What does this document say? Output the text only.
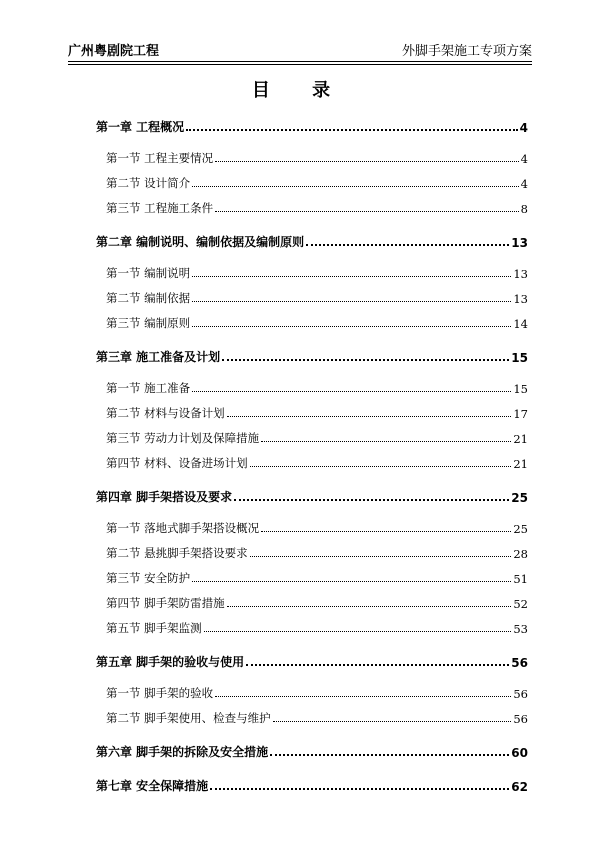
广州粤剧院工程	外脚手架施工专项方案
目 录
第一章 工程概况	4
第一节 工程主要情况	4
第二节 设计简介	4
第三节 工程施工条件	8
第二章 编制说明、编制依据及编制原则	13
第一节 编制说明	13
第二节 编制依据	13
第三节 编制原则	14
第三章 施工准备及计划	15
第一节 施工准备	15
第二节 材料与设备计划	17
第三节 劳动力计划及保障措施	21
第四节 材料、设备进场计划	21
第四章 脚手架搭设及要求	25
第一节 落地式脚手架搭设概况	25
第二节 悬挑脚手架搭设要求	28
第三节 安全防护	51
第四节 脚手架防雷措施	52
第五节 脚手架监测	53
第五章 脚手架的验收与使用	56
第一节 脚手架的验收	56
第二节 脚手架使用、检查与维护	56
第六章 脚手架的拆除及安全措施	60
第七章 安全保障措施	62
